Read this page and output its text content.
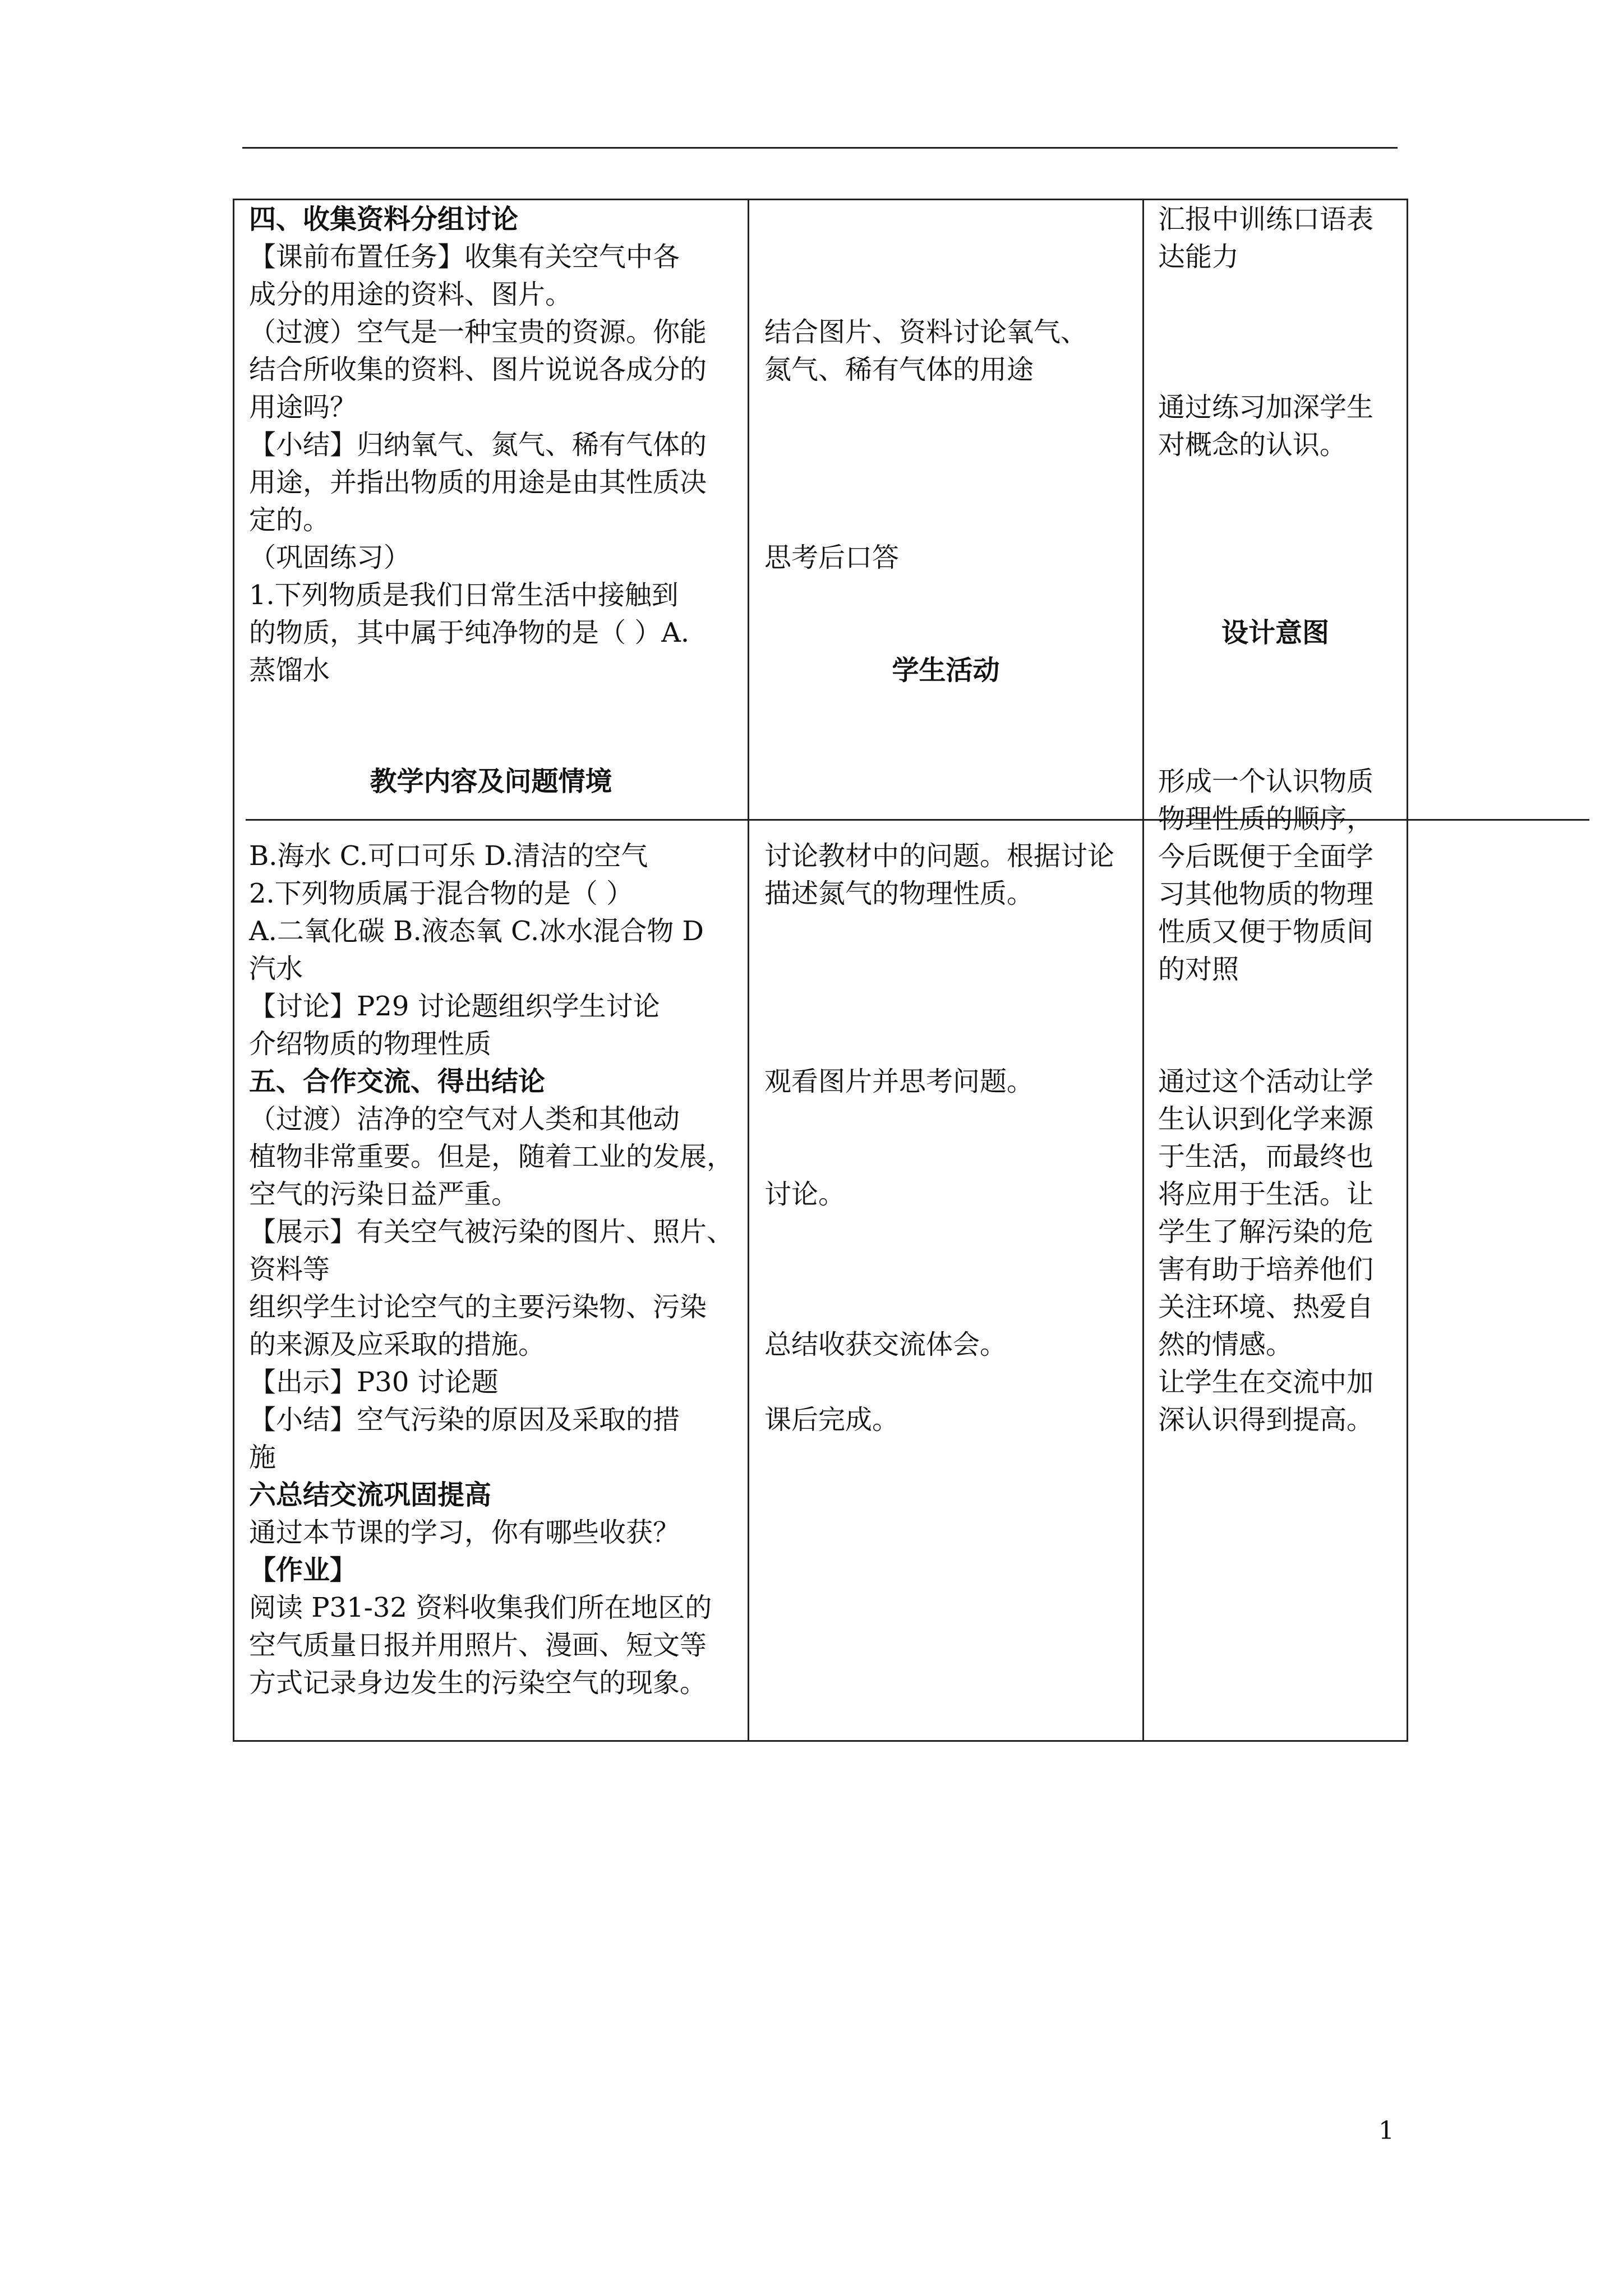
四、收集资料分组讨论
【课前布置任务】收集有关空气中各
成分的用途的资料、图片。
（过渡）空气是一种宝贵的资源。你能
结合所收集的资料、图片说说各成分的
用途吗？
【小结】归纳氧气、氮气、稀有气体的
用途，并指出物质的用途是由其性质决
定的。
（巩固练习）
1.下列物质是我们日常生活中接触到
的物质，其中属于纯净物的是（ ）A.
蒸馏水
教学内容及问题情境
B.海水 C.可口可乐 D.清洁的空气
2.下列物质属于混合物的是（ ）
A.二氧化碳 B.液态氧 C.冰水混合物 D
汽水
【讨论】P29 讨论题组织学生讨论
介绍物质的物理性质
五、合作交流、得出结论
（过渡）洁净的空气对人类和其他动
植物非常重要。但是，随着工业的发展，
空气的污染日益严重。
【展示】有关空气被污染的图片、照片、
资料等
组织学生讨论空气的主要污染物、污染
的来源及应采取的措施。
【出示】P30 讨论题
【小结】空气污染的原因及采取的措
施
六总结交流巩固提高
通过本节课的学习，你有哪些收获？
【作业】
阅读 P31-32 资料收集我们所在地区的
空气质量日报并用照片、漫画、短文等
方式记录身边发生的污染空气的现象。
结合图片、资料讨论氧气、
氮气、稀有气体的用途
思考后口答
学生活动
讨论教材中的问题。根据讨论
描述氮气的物理性质。
观看图片并思考问题。
讨论。
总结收获交流体会。
课后完成。
汇报中训练口语表
达能力
通过练习加深学生
对概念的认识。
设计意图
形成一个认识物质
物理性质的顺序，
今后既便于全面学
习其他物质的物理
性质又便于物质间
的对照
通过这个活动让学
生认识到化学来源
于生活，而最终也
将应用于生活。让
学生了解污染的危
害有助于培养他们
关注环境、热爱自
然的情感。
让学生在交流中加
深认识得到提高。
1
